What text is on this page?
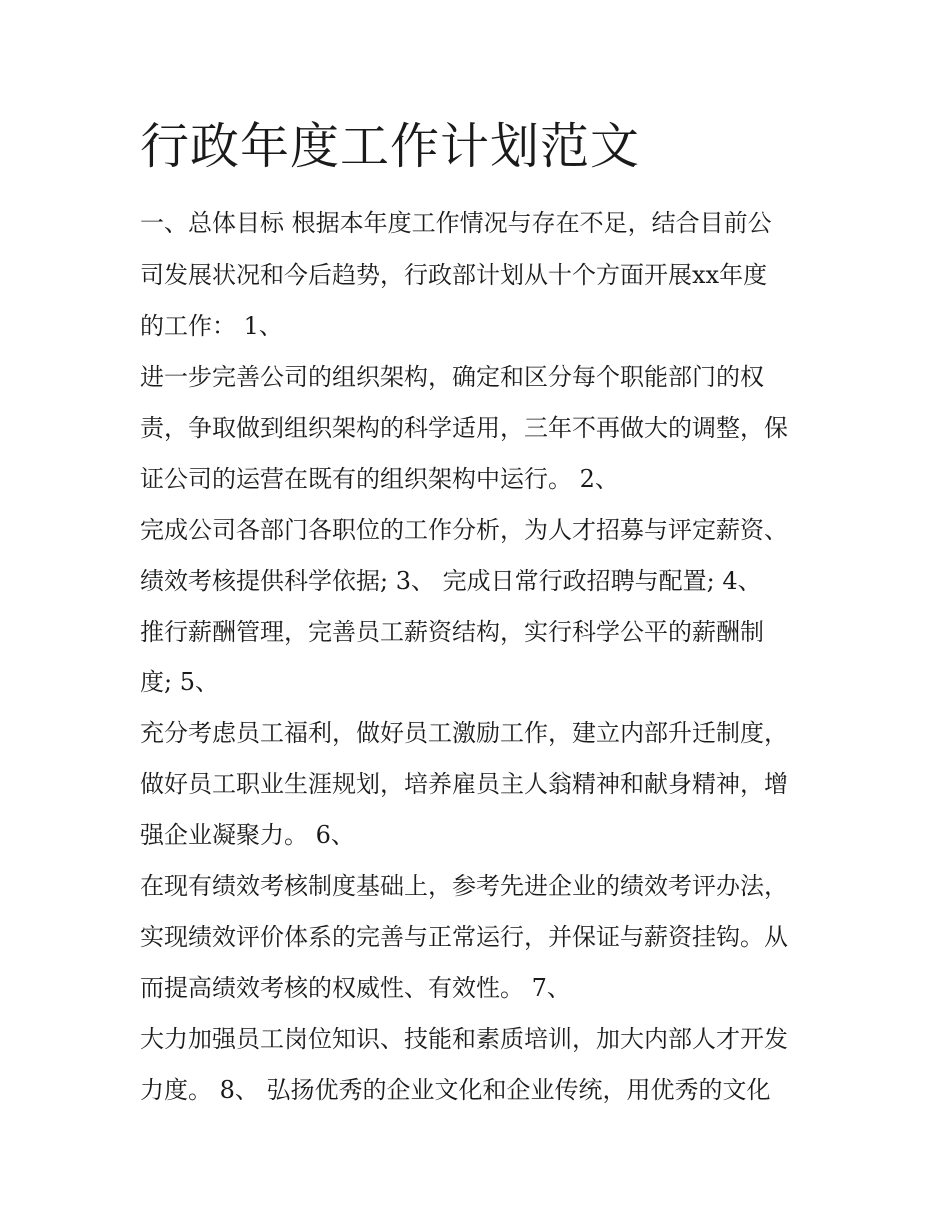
行政年度工作计划范文

一、总体目标 根据本年度工作情况与存在不足，结合目前公

司发展状况和今后趋势，行政部计划从十个方面开展xx年度

的工作： 1、

进一步完善公司的组织架构，确定和区分每个职能部门的权

责，争取做到组织架构的科学适用，三年不再做大的调整，保

证公司的运营在既有的组织架构中运行。 2、

完成公司各部门各职位的工作分析，为人才招募与评定薪资、

绩效考核提供科学依据; 3、 完成日常行政招聘与配置; 4、

推行薪酬管理，完善员工薪资结构，实行科学公平的薪酬制

度; 5、

充分考虑员工福利，做好员工激励工作，建立内部升迁制度，

做好员工职业生涯规划，培养雇员主人翁精神和献身精神，增

强企业凝聚力。 6、

在现有绩效考核制度基础上，参考先进企业的绩效考评办法，

实现绩效评价体系的完善与正常运行，并保证与薪资挂钩。从

而提高绩效考核的权威性、有效性。 7、

大力加强员工岗位知识、技能和素质培训，加大内部人才开发

力度。 8、 弘扬优秀的企业文化和企业传统，用优秀的文化
